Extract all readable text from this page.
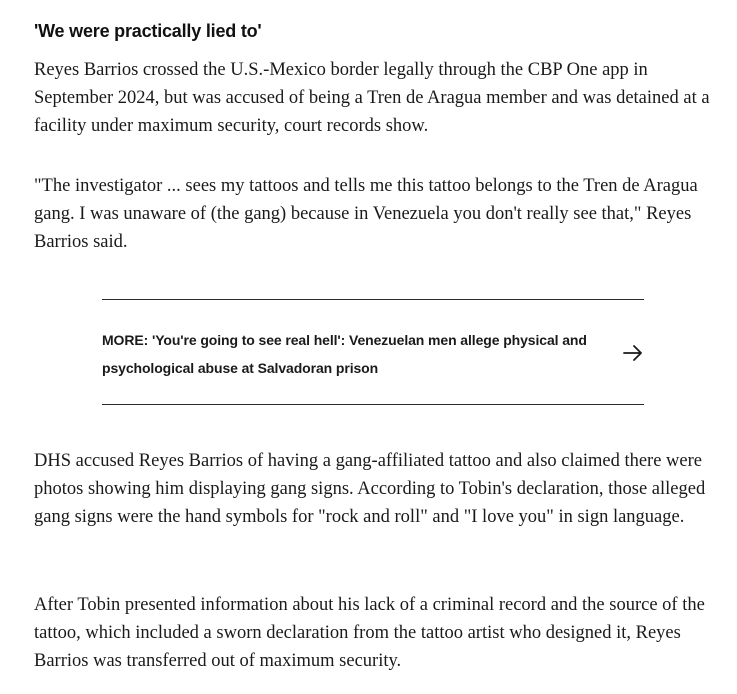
'We were practically lied to'

Reyes Barrios crossed the U.S.-Mexico border legally through the CBP One app in September 2024, but was accused of being a Tren de Aragua member and was detained at a facility under maximum security, court records show.

"The investigator ... sees my tattoos and tells me this tattoo belongs to the Tren de Aragua gang. I was unaware of (the gang) because in Venezuela you don't really see that," Reyes Barrios said.

MORE: 'You're going to see real hell': Venezuelan men allege physical and psychological abuse at Salvadoran prison

DHS accused Reyes Barrios of having a gang-affiliated tattoo and also claimed there were photos showing him displaying gang signs. According to Tobin's declaration, those alleged gang signs were the hand symbols for "rock and roll" and "I love you" in sign language.

After Tobin presented information about his lack of a criminal record and the source of the tattoo, which included a sworn declaration from the tattoo artist who designed it, Reyes Barrios was transferred out of maximum security.
